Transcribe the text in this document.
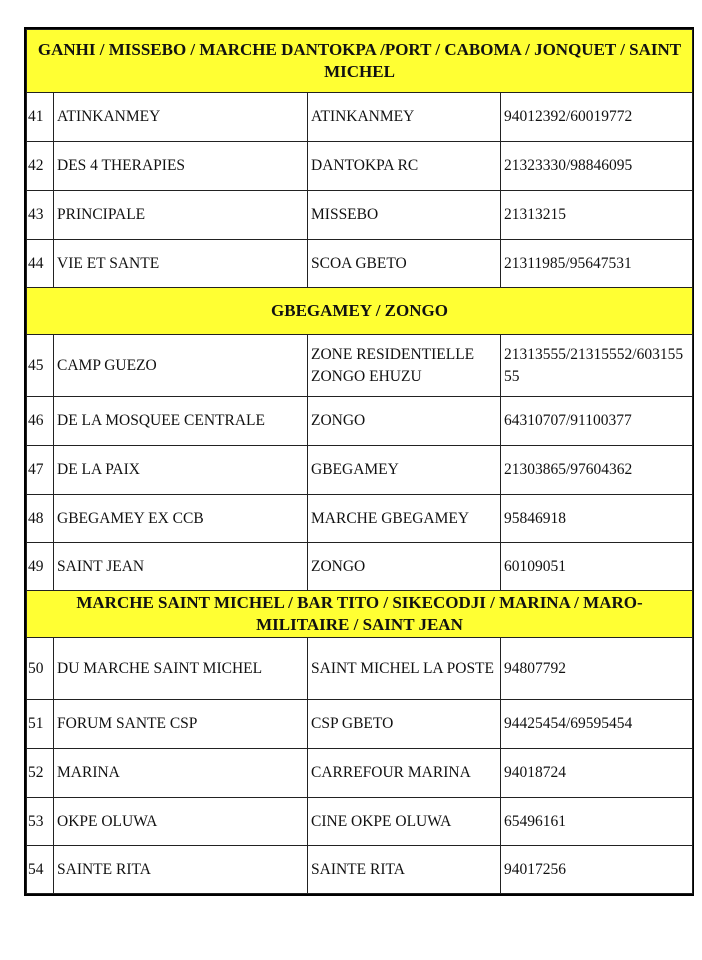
GANHI / MISSEBO / MARCHE DANTOKPA /PORT / CABOMA / JONQUET / SAINT MICHEL			
41	ATINKANMEY	ATINKANMEY	94012392/60019772
42	DES 4 THERAPIES	DANTOKPA RC	21323330/98846095
43	PRINCIPALE	MISSEBO	21313215
44	VIE ET SANTE	SCOA GBETO	21311985/95647531
GBEGAMEY / ZONGO			
45	CAMP GUEZO	ZONE RESIDENTIELLE ZONGO EHUZU	21313555/21315552/60315555
46	DE LA MOSQUEE CENTRALE	ZONGO	64310707/91100377
47	DE LA PAIX	GBEGAMEY	21303865/97604362
48	GBEGAMEY EX CCB	MARCHE GBEGAMEY	95846918
49	SAINT JEAN	ZONGO	60109051
MARCHE SAINT MICHEL / BAR TITO / SIKECODJI / MARINA / MARO-MILITAIRE / SAINT JEAN			
50	DU MARCHE SAINT MICHEL	SAINT MICHEL LA POSTE	94807792
51	FORUM SANTE CSP	CSP GBETO	94425454/69595454
52	MARINA	CARREFOUR MARINA	94018724
53	OKPE OLUWA	CINE OKPE OLUWA	65496161
54	SAINTE RITA	SAINTE RITA	94017256
